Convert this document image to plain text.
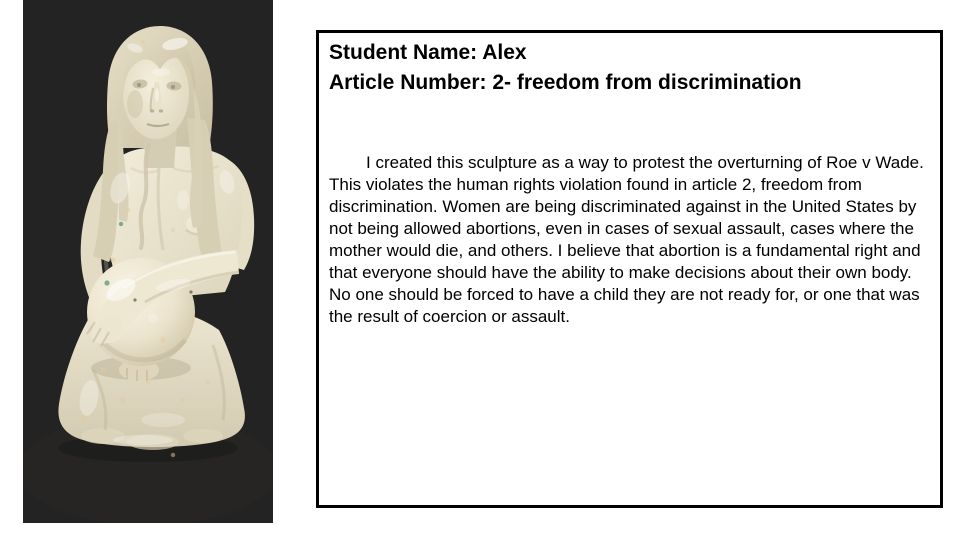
Student Name: Alex
Article Number: 2- freedom from discrimination

I created this sculpture as a way to protest the overturning of Roe v Wade. This violates the human rights violation found in article 2, freedom from discrimination. Women are being discriminated against in the United States by not being allowed abortions, even in cases of sexual assault, cases where the mother would die, and others. I believe that abortion is a fundamental right and that everyone should have the ability to make decisions about their own body. No one should be forced to have a child they are not ready for, or one that was the result of coercion or assault.
